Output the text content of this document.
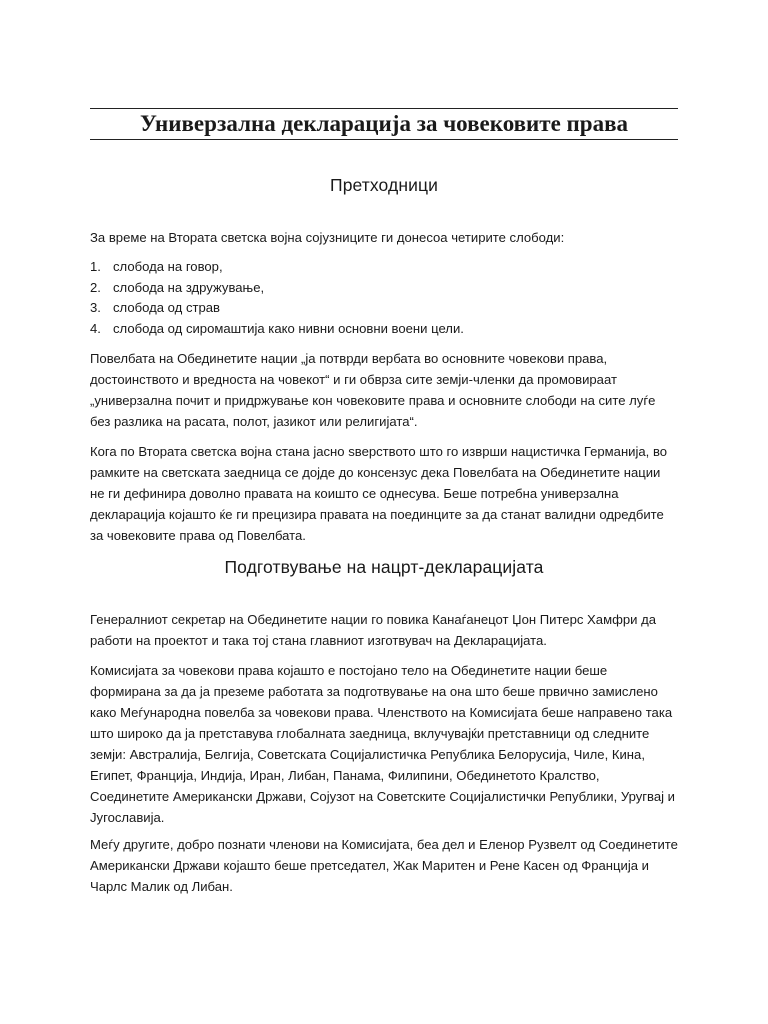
Универзална декларација за човековите права
Претходници

За време на Втората светска војна сојузниците ги донесоа четирите слободи:

1. слобода на говор,
2. слобода на здружување,
3. слобода од страв
4. слобода од сиромаштија како нивни основни воени цели.

Повелбата на Обединетите нации „ја потврди вербата во основните човекови права, достоинството и вредноста на човекот“ и ги обврза сите земји-членки да промовираат „универзална почит и придржување кон човековите права и основните слободи на сите луѓе без разлика на расата, полот, јазикот или религијата“.

Кога по Втората светска војна стана јасно ѕверството што го изврши нацистичка Германија, во рамките на светската заедница се дојде до консензус дека Повелбата на Обединетите нации не ги дефинира доволно правата на коишто се однесува. Беше потребна универзална декларација којашто ќе ги прецизира правата на поединците за да станат валидни одредбите за човековите права од Повелбата.

Подготвување на нацрт-декларацијата

Генералниот секретар на Обединетите нации го повика Канаѓанецот Џон Питерс Хамфри да работи на проектот и така тој стана главниот изготвувач на Декларацијата.

Комисијата за човекови права којашто е постојано тело на Обединетите нации беше формирана за да ја преземе работата за подготвување на она што беше првично замислено како Меѓународна повелба за човекови права. Членството на Комисијата беше направено така што широко да ја претставува глобалната заедница, вклучувајќи претставници од следните земји: Австралија, Белгија, Советската Социјалистичка Република Белорусија, Чиле, Кина, Египет, Франција, Индија, Иран, Либан, Панама, Филипини, Обединетото Кралство, Соединетите Американски Држави, Сојузот на Советските Социјалистички Републики, Уругвај и Југославија.

Меѓу другите, добро познати членови на Комисијата, беа дел и Еленор Рузвелт од Соединетите Американски Држави којашто беше претседател, Жак Маритен и Рене Касен од Франција и Чарлс Малик од Либан.
